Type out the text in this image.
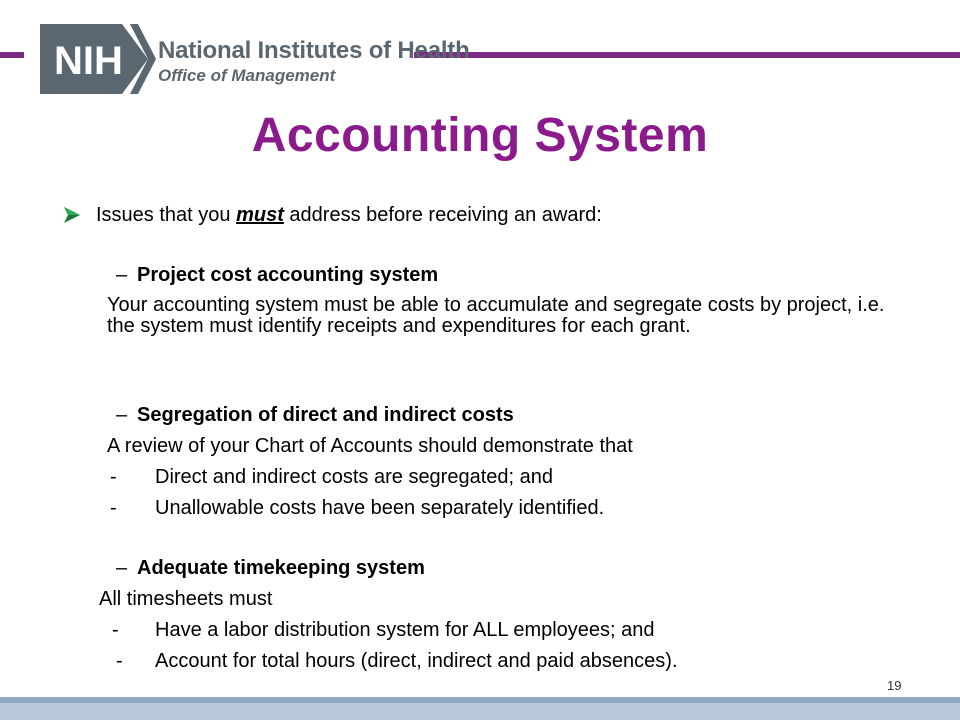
NIH National Institutes of Health
Office of Management
Accounting System
Issues that you must address before receiving an award:
– Project cost accounting system
Your accounting system must be able to accumulate and segregate costs by project, i.e. the system must identify receipts and expenditures for each grant.
– Segregation of direct and indirect costs
A review of your Chart of Accounts should demonstrate that
- Direct and indirect costs are segregated; and
- Unallowable costs have been separately identified.
– Adequate timekeeping system
All timesheets must
- Have a labor distribution system for ALL employees; and
- Account for total hours (direct, indirect and paid absences).
19
